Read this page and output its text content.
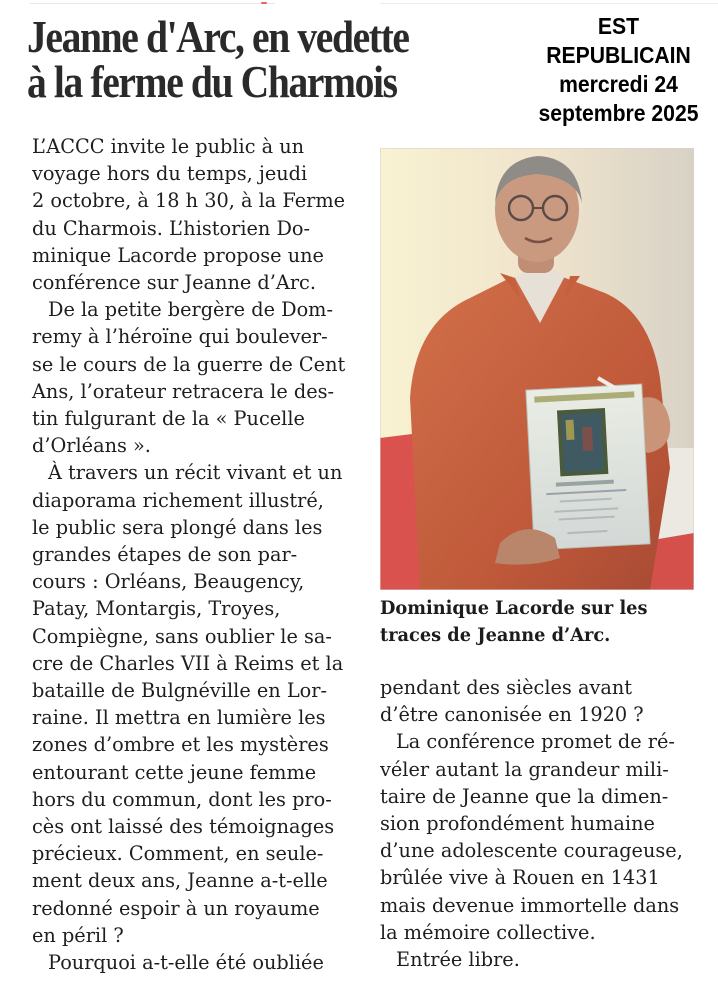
Jeanne d'Arc, en vedette
à la ferme du Charmois
EST
REPUBLICAIN
mercredi 24
septembre 2025

L’ACCC invite le public à un
voyage hors du temps, jeudi
2 octobre, à 18 h 30, à la Ferme
du Charmois. L’historien Do-
minique Lacorde propose une
conférence sur Jeanne d’Arc.

De la petite bergère de Dom-
remy à l’héroïne qui boulever-
se le cours de la guerre de Cent
Ans, l’orateur retracera le des-
tin fulgurant de la « Pucelle
d’Orléans ».

À travers un récit vivant et un
diaporama richement illustré,
le public sera plongé dans les
grandes étapes de son par-
cours : Orléans, Beaugency,
Patay, Montargis, Troyes,
Compiègne, sans oublier le sa-
cre de Charles VII à Reims et la
bataille de Bulgnéville en Lor-
raine. Il mettra en lumière les
zones d’ombre et les mystères
entourant cette jeune femme
hors du commun, dont les pro-
cès ont laissé des témoignages
précieux. Comment, en seule-
ment deux ans, Jeanne a-t-elle
redonné espoir à un royaume
en péril ?

Pourquoi a-t-elle été oubliée

Dominique Lacorde sur les
traces de Jeanne d’Arc.

pendant des siècles avant
d’être canonisée en 1920 ?

La conférence promet de ré-
véler autant la grandeur mili-
taire de Jeanne que la dimen-
sion profondément humaine
d’une adolescente courageuse,
brûlée vive à Rouen en 1431
mais devenue immortelle dans
la mémoire collective.

Entrée libre.
